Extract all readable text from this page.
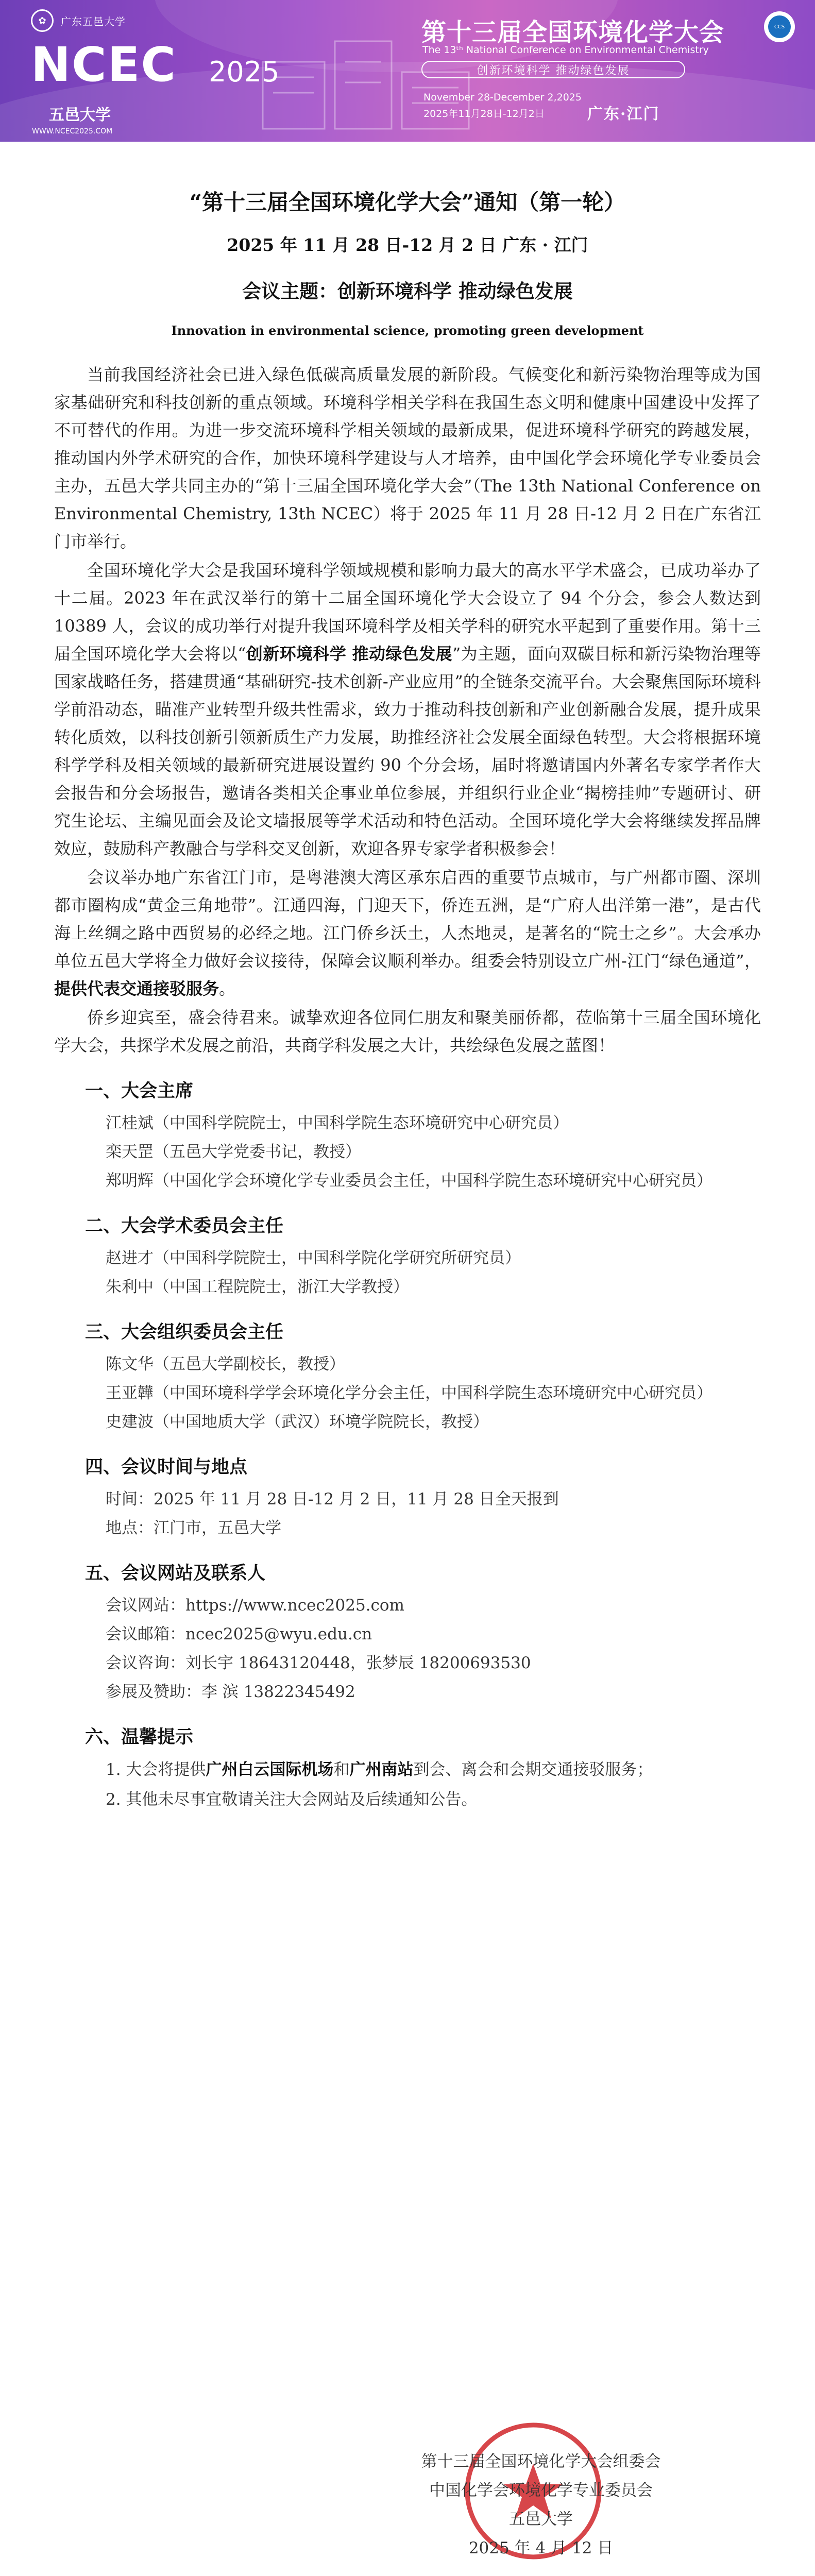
✿	广东五邑大学
NCEC 2025
五邑大学
WWW.NCEC2025.COM
第十三届全国环境化学大会
The 13ᵗʰ National Conference on Environmental Chemistry
创新环境科学 推动绿色发展
November 28-December 2,2025
2025年11月28日-12月2日	广东·江门
CCS
“第十三届全国环境化学大会”通知（第一轮）
2025 年 11 月 28 日-12 月 2 日 广东 · 江门
会议主题：创新环境科学 推动绿色发展
Innovation in environmental science, promoting green development

当前我国经济社会已进入绿色低碳高质量发展的新阶段。气候变化和新污染物治理等成为国家基础研究和科技创新的重点领域。环境科学相关学科在我国生态文明和健康中国建设中发挥了不可替代的作用。为进一步交流环境科学相关领域的最新成果，促进环境科学研究的跨越发展，推动国内外学术研究的合作，加快环境科学建设与人才培养，由中国化学会环境化学专业委员会主办，五邑大学共同主办的“第十三届全国环境化学大会”（The 13th National Conference on Environmental Chemistry, 13th NCEC）将于 2025 年 11 月 28 日-12 月 2 日在广东省江门市举行。

全国环境化学大会是我国环境科学领域规模和影响力最大的高水平学术盛会，已成功举办了十二届。2023 年在武汉举行的第十二届全国环境化学大会设立了 94 个分会，参会人数达到 10389 人，会议的成功举行对提升我国环境科学及相关学科的研究水平起到了重要作用。第十三届全国环境化学大会将以“创新环境科学 推动绿色发展”为主题，面向双碳目标和新污染物治理等国家战略任务，搭建贯通“基础研究-技术创新-产业应用”的全链条交流平台。大会聚焦国际环境科学前沿动态，瞄准产业转型升级共性需求，致力于推动科技创新和产业创新融合发展，提升成果转化质效，以科技创新引领新质生产力发展，助推经济社会发展全面绿色转型。大会将根据环境科学学科及相关领域的最新研究进展设置约 90 个分会场，届时将邀请国内外著名专家学者作大会报告和分会场报告，邀请各类相关企事业单位参展，并组织行业企业“揭榜挂帅”专题研讨、研究生论坛、主编见面会及论文墙报展等学术活动和特色活动。全国环境化学大会将继续发挥品牌效应，鼓励科产教融合与学科交叉创新，欢迎各界专家学者积极参会！

会议举办地广东省江门市，是粤港澳大湾区承东启西的重要节点城市，与广州都市圈、深圳都市圈构成“黄金三角地带”。江通四海，门迎天下，侨连五洲，是“广府人出洋第一港”，是古代海上丝绸之路中西贸易的必经之地。江门侨乡沃土，人杰地灵，是著名的“院士之乡”。大会承办单位五邑大学将全力做好会议接待，保障会议顺利举办。组委会特别设立广州-江门“绿色通道”，提供代表交通接驳服务。

侨乡迎宾至，盛会待君来。诚挚欢迎各位同仁朋友和聚美丽侨都，莅临第十三届全国环境化学大会，共探学术发展之前沿，共商学科发展之大计，共绘绿色发展之蓝图！

一、大会主席
江桂斌（中国科学院院士，中国科学院生态环境研究中心研究员）
栾天罡（五邑大学党委书记，教授）
郑明辉（中国化学会环境化学专业委员会主任，中国科学院生态环境研究中心研究员）
二、大会学术委员会主任
赵进才（中国科学院院士，中国科学院化学研究所研究员）
朱利中（中国工程院院士，浙江大学教授）
三、大会组织委员会主任
陈文华（五邑大学副校长，教授）
王亚韡（中国环境科学学会环境化学分会主任，中国科学院生态环境研究中心研究员）
史建波（中国地质大学（武汉）环境学院院长，教授）
四、会议时间与地点
时间：2025 年 11 月 28 日-12 月 2 日，11 月 28 日全天报到
地点：江门市，五邑大学
五、会议网站及联系人
会议网站：https://www.ncec2025.com
会议邮箱：ncec2025@wyu.edu.cn
会议咨询：刘长宇 18643120448，张梦辰 18200693530
参展及赞助：李 滨 13822345492
六、温馨提示
1. 大会将提供广州白云国际机场和广州南站到会、离会和会期交通接驳服务；
2. 其他未尽事宜敬请关注大会网站及后续通知公告。
第十三届全国环境化学大会组委会
中国化学会环境化学专业委员会
五邑大学
2025 年 4 月 12 日
